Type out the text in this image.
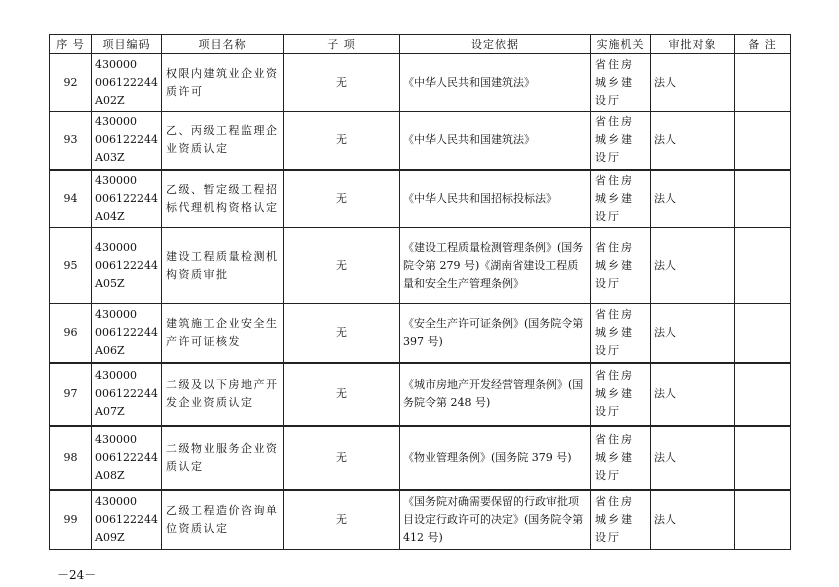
序 号	项目编码	项目名称	子 项	设定依据	实施机关	审批对象	备 注
92	430000
006122244
A02Z	权限内建筑业企业资质许可	无	《中华人民共和国建筑法》	省住房城乡建设厅	法人	
93	430000
006122244
A03Z	乙、丙级工程监理企业资质认定	无	《中华人民共和国建筑法》	省住房城乡建设厅	法人	
94	430000
006122244
A04Z	乙级、暂定级工程招标代理机构资格认定	无	《中华人民共和国招标投标法》	省住房城乡建设厅	法人	
95	430000
006122244
A05Z	建设工程质量检测机构资质审批	无	《建设工程质量检测管理条例》(国务院令第 279 号)《湖南省建设工程质量和安全生产管理条例》	省住房城乡建设厅	法人	
96	430000
006122244
A06Z	建筑施工企业安全生产许可证核发	无	《安全生产许可证条例》(国务院令第 397 号)	省住房城乡建设厅	法人	
97	430000
006122244
A07Z	二级及以下房地产开发企业资质认定	无	《城市房地产开发经营管理条例》(国务院令第 248 号)	省住房城乡建设厅	法人	
98	430000
006122244
A08Z	二级物业服务企业资质认定	无	《物业管理条例》(国务院 379 号)	省住房城乡建设厅	法人	
99	430000
006122244
A09Z	乙级工程造价咨询单位资质认定	无	《国务院对确需要保留的行政审批项目设定行政许可的决定》(国务院令第 412 号)	省住房城乡建设厅	法人	
－24－
